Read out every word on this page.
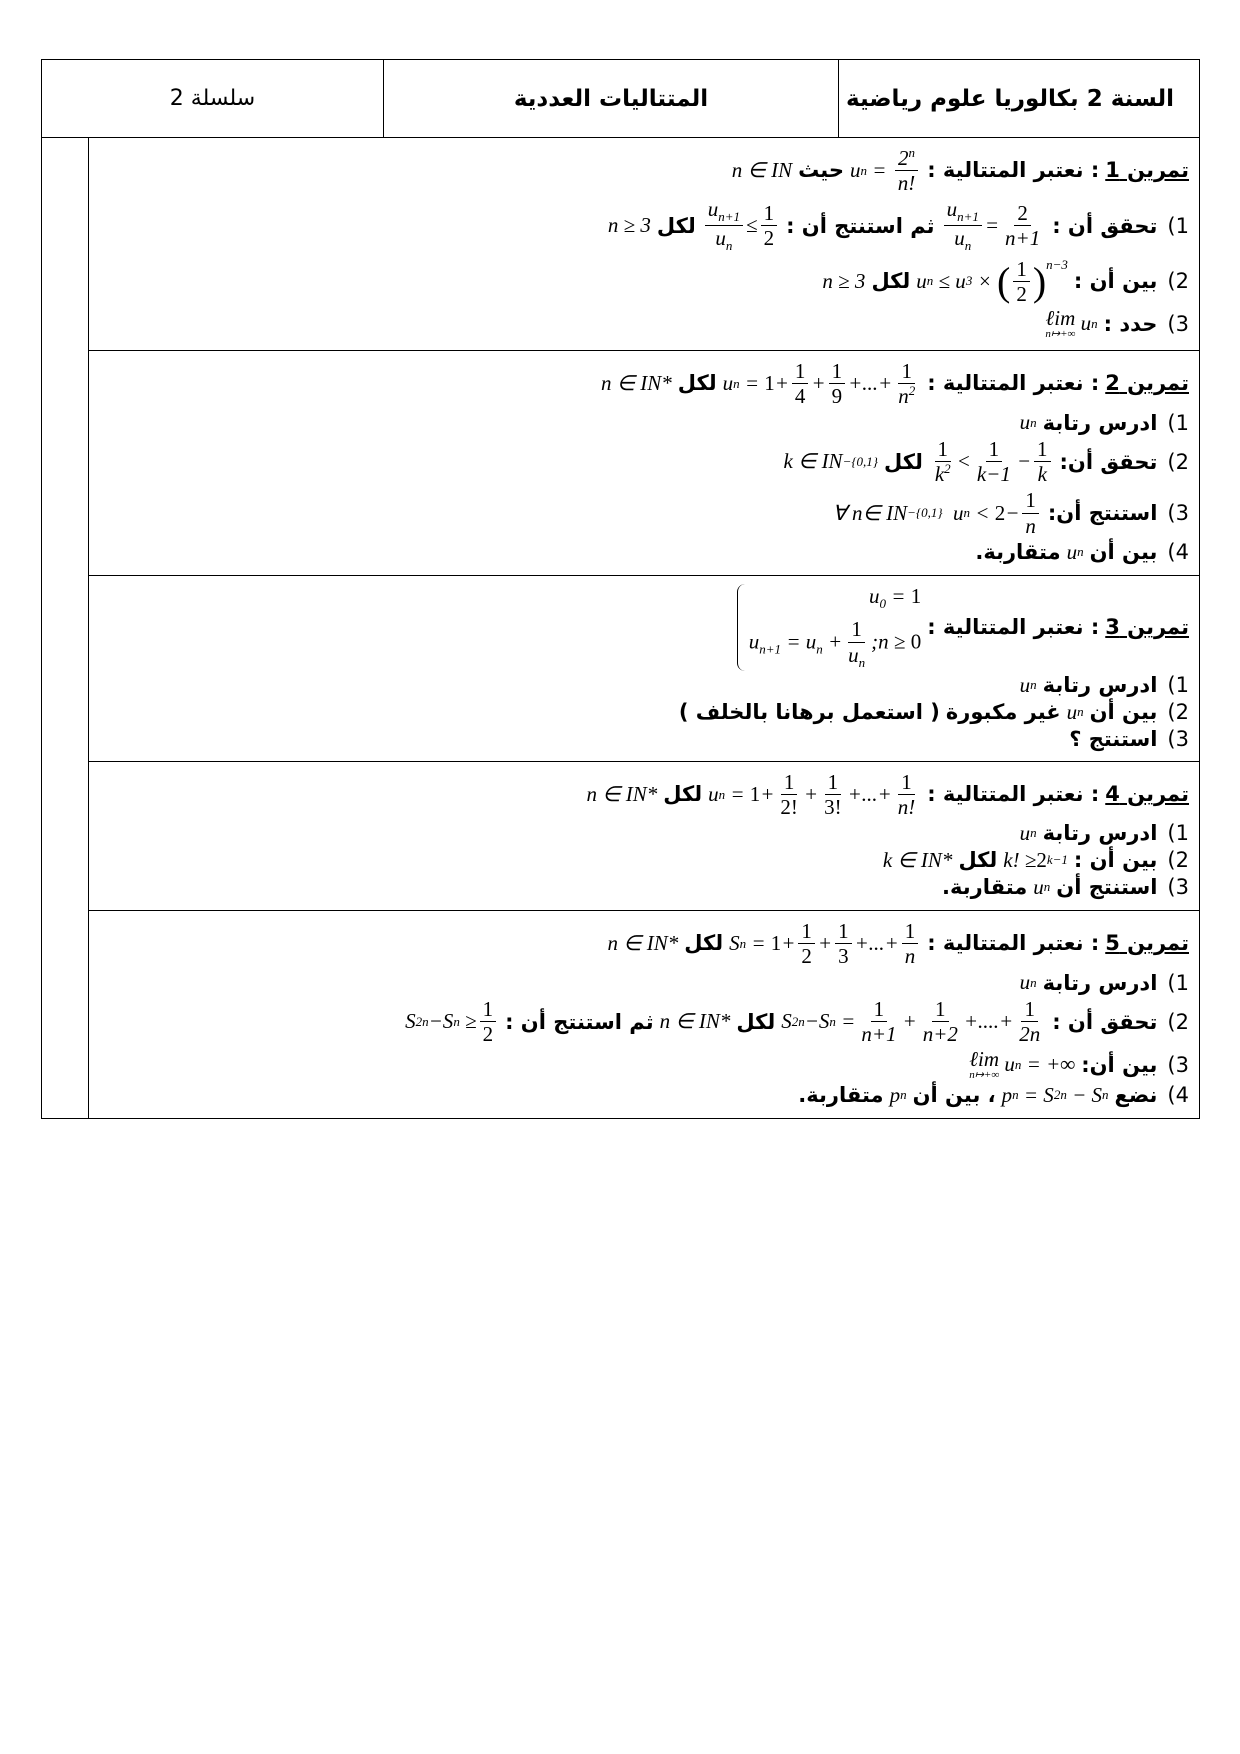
السنة 2 بكالوريا علوم رياضية
المتتاليات العددية
سلسلة 2
تمرين 1
: نعتبر المتتالية :
u $n = \frac{2^n}{n!}$
حيث
n ∈ IN
1)
تحقق أن :
$\frac{u_{n+1}}{u_n} = \frac{2}{n+1}$
ثم استنتج أن :
$\frac{u_{n+1}}{u_n} \le \frac{1}{2}$
لكل
n ≥ 3
2)
بين أن :
u n ≤ u 3 × ( $\frac{1}{2} )^{n-3}$
لكل
n ≥ 3
3)
حدد :
ℓim
n↦+∞ u n
تمرين 2
: نعتبر المتتالية :
u $n = 1 + \frac{1}{4} + \frac{1}{9}$ +...+ $\frac{1}{n^2}$
لكل
n ∈ IN*
1)
ادرس رتابة
u n
2)
تحقق أن:
$\frac{1}{k^2} < \frac{1}{k-1} - \frac{1}{k}$
لكل
k ∈ IN −{0,1}
3)
استنتج أن:
∀ n∈ IN −{0,1} u $n < 2 - \frac{1}{n}$
4)
بين أن
u n
متقاربة.
تمرين 3
: نعتبر المتتالية :
$u_0 = 1$
$u_{n+1} = u_n + \frac{1}{u_n}$ ;n ≥ 0
1)
ادرس رتابة
u n
2)
بين أن
u n
غير مكبورة
( استعمل برهانا بالخلف )
3)
استنتج ؟
تمرين 4
: نعتبر المتتالية :
u $n = 1 + \frac{1}{2!} + \frac{1}{3!}$ +...+ $\frac{1}{n!}$
لكل
n ∈ IN*
1)
ادرس رتابة
u n
2)
بين أن :
k! ≥ 2 k−1
لكل
k ∈ IN*
3)
استنتج أن
u n
متقاربة.
تمرين 5
: نعتبر المتتالية :
S $n = 1 + \frac{1}{2} + \frac{1}{3}$ +...+ $\frac{1}{n}$
لكل
n ∈ IN*
1)
ادرس رتابة
u n
2)
تحقق أن :
S 2n −S $n = \frac{1}{n+1} + \frac{1}{n+2}$ +....+ $\frac{1}{2n}$
لكل
n ∈ IN*
ثم استنتج أن :
S 2n −S $n \ge \frac{1}{2}$
3)
بين أن:
ℓim
n↦+∞ u n = +∞
4)
نضع
p n = S 2n − S n
، بين أن
p n
متقاربة.
